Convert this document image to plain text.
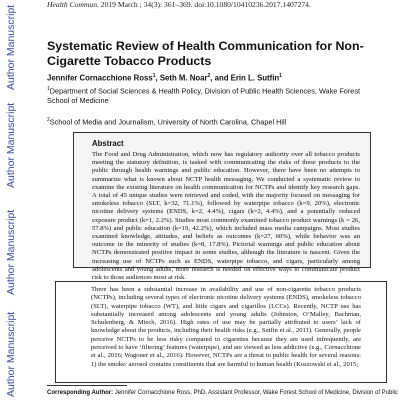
Author Manuscript
Author Manuscript
Author Manuscript
Author Manuscript
Health Commun. 2019 March ; 34(3): 361–369. doi:10.1080/10410236.2017.1407274.
Systematic Review of Health Communication for Non-Cigarette Tobacco Products
Jennifer Cornacchione Ross$^1$, Seth M. Noar$^2$, and Erin L. Sutfin$^1$
$^1$Department of Social Sciences & Health Policy, Division of Public Health Sciences, Wake Forest School of Medicine
$^2$School of Media and Journalism, University of North Carolina, Chapel Hill
Abstract
The Food and Drug Administration, which now has regulatory authority over all tobacco products meeting the statutory definition, is tasked with communicating the risks of these products to the public through health warnings and public education. However, there have been no attempts to summarize what is known about NCTP health messaging. We conducted a systematic review to examine the existing literature on health communication for NCTPs and identify key research gaps. A total of 45 unique studies were retrieved and coded, with the majority focused on messaging for smokeless tobacco (SLT, k=32, 71.1%), followed by waterpipe tobacco (k=9, 20%), electronic nicotine delivery systems (ENDS, k=2, 4.4%), cigars (k=2, 4.4%), and a potentially reduced exposure product (k=1, 2.2%). Studies most commonly examined tobacco product warnings (k = 26, 57.8%) and public education (k=19, 42.2%), which included mass media campaigns. Most studies examined knowledge, attitudes, and beliefs as outcomes (k=27, 60%), while behavior was an outcome in the minority of studies (k=8, 17.8%). Pictorial warnings and public education about NCTPs demonstrated positive impact in some studies, although the literature is nascent. Given the increasing use of NCTPs such as ENDS, waterpipe tobacco, and cigars, particularly among adolescents and young adults, more research is needed on effective ways to communicate product risk to those audiences most at risk.
There has been a substantial increase in availability and use of non-cigarette tobacco products (NCTPs), including several types of electronic nicotine delivery systems (ENDS), smokeless tobacco (SLT), waterpipe tobacco (WT), and little cigars and cigarillos (LCCs). Recently, NCTP use has substantially increased among adolescents and young adults (Johnston, O’Malley, Bachman, Schulenberg, & Miech, 2016). High rates of use may be partially attributed to users’ lack of knowledge about the products, including their health risks (e.g., Sutfin et al., 2011). Generally, people perceive NCTPs to be less risky compared to cigarettes because they are used infrequently, are perceived to have ‘filtering’ features (waterpipe), and are viewed as less addictive (e.g., Cornacchione et al., 2016; Wagoner et al., 2016). However, NCTPs are a threat to public health for several reasons: 1) the smoke/ aerosol contains constituents that are harmful to human health (Koszowski et al., 2015;
Corresponding Author: Jennifer Cornacchione Ross, PhD, Assistant Professor, Wake Forest School of Medicine, Division of Public
